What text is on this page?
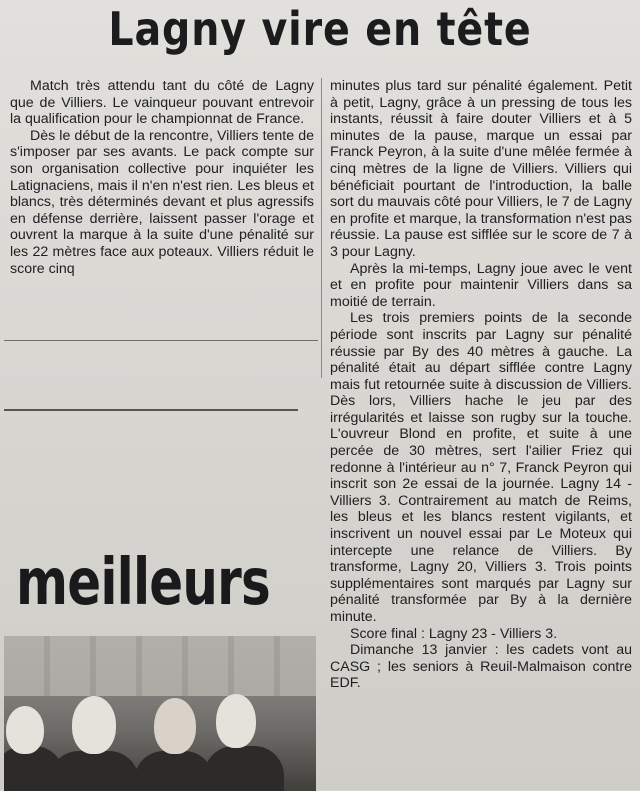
Lagny vire en tête

Match très attendu tant du côté de Lagny que de Villiers. Le vainqueur pouvant entrevoir la qualification pour le championnat de France.

Dès le début de la rencontre, Villiers tente de s'imposer par ses avants. Le pack compte sur son organisation collective pour inquiéter les Latignaciens, mais il n'en n'est rien. Les bleus et blancs, très déterminés devant et plus agressifs en défense derrière, laissent passer l'orage et ouvrent la marque à la suite d'une pénalité sur les 22 mètres face aux poteaux. Villiers réduit le score cinq

minutes plus tard sur pénalité également. Petit à petit, Lagny, grâce à un pressing de tous les instants, réussit à faire douter Villiers et à 5 minutes de la pause, marque un essai par Franck Peyron, à la suite d'une mêlée fermée à cinq mètres de la ligne de Villiers. Villiers qui bénéficiait pourtant de l'introduction, la balle sort du mauvais côté pour Villiers, le 7 de Lagny en profite et marque, la transformation n'est pas réussie. La pause est sifflée sur le score de 7 à 3 pour Lagny.

Après la mi-temps, Lagny joue avec le vent et en profite pour maintenir Villiers dans sa moitié de terrain.

Les trois premiers points de la seconde période sont inscrits par Lagny sur pénalité réussie par By des 40 mètres à gauche. La pénalité était au départ sifflée contre Lagny mais fut retournée suite à discussion de Villiers. Dès lors, Villiers hache le jeu par des irrégularités et laisse son rugby sur la touche. L'ouvreur Blond en profite, et suite à une percée de 30 mètres, sert l'ailier Friez qui redonne à l'intérieur au n° 7, Franck Peyron qui inscrit son 2e essai de la journée. Lagny 14 - Villiers 3. Contrairement au match de Reims, les bleus et les blancs restent vigilants, et inscrivent un nouvel essai par Le Moteux qui intercepte une relance de Villiers. By transforme, Lagny 20, Villiers 3. Trois points supplémentaires sont marqués par Lagny sur pénalité transformée par By à la dernière minute.

Score final : Lagny 23 - Villiers 3.

Dimanche 13 janvier : les cadets vont au CASG ; les seniors à Reuil-Malmaison contre EDF.

meilleurs
